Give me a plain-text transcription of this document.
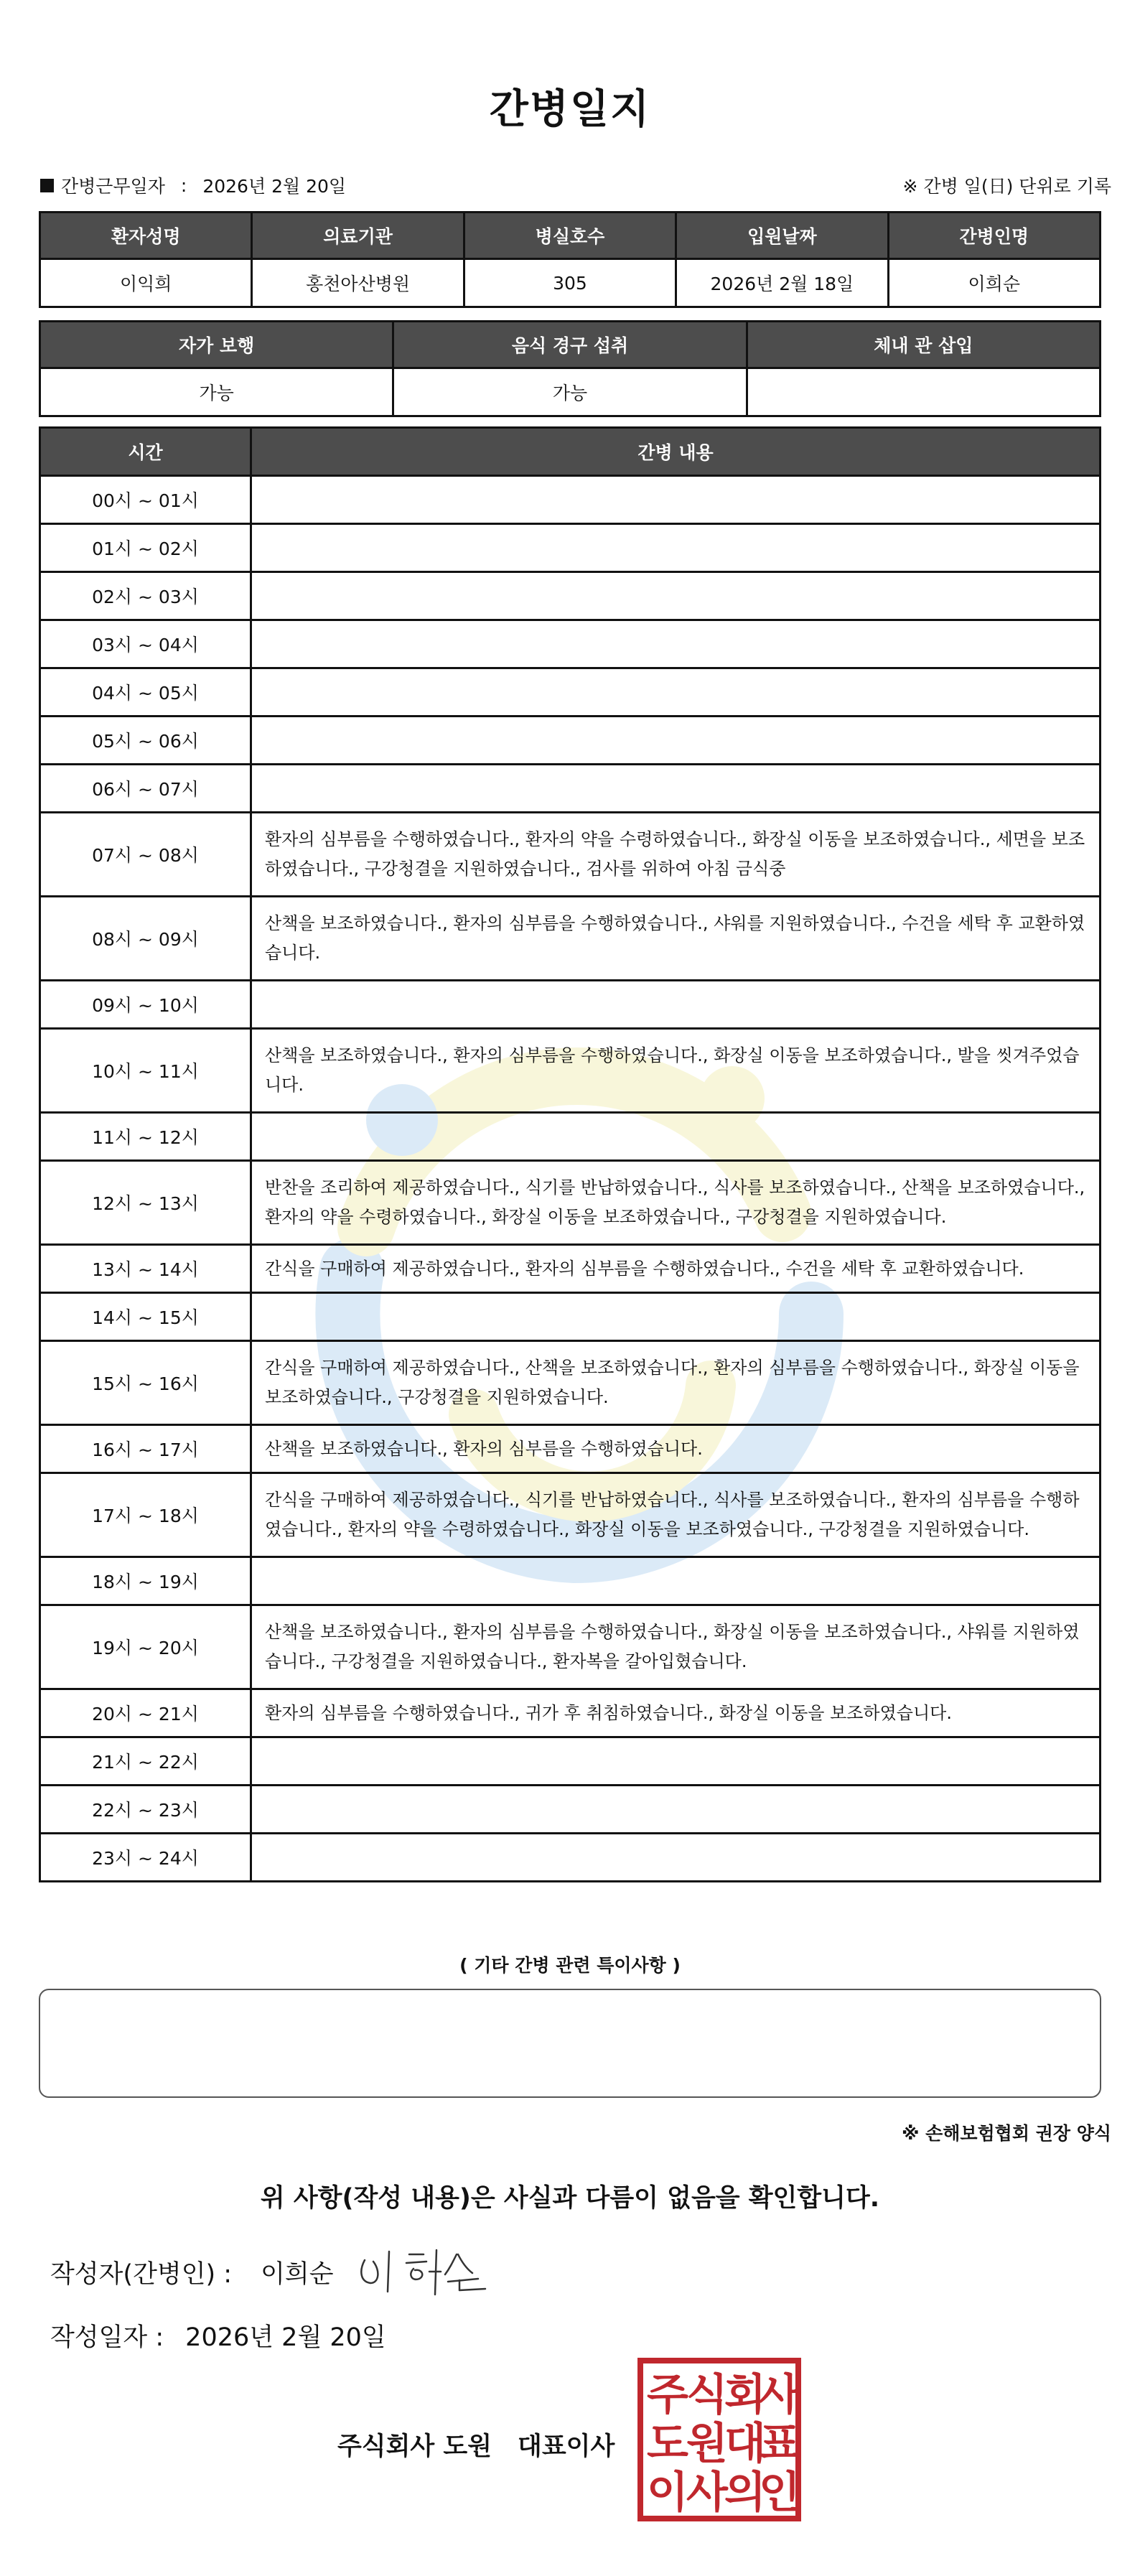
간병일지
간병근무일자 : 2026년 2월 20일	※ 간병 일(日) 단위로 기록
환자성명	의료기관	병실호수	입원날짜	간병인명
이익희	홍천아산병원	305	2026년 2월 18일	이희순
자가 보행	음식 경구 섭취	체내 관 삽입
가능	가능	
시간	간병 내용
00시 ~ 01시	
01시 ~ 02시	
02시 ~ 03시	
03시 ~ 04시	
04시 ~ 05시	
05시 ~ 06시	
06시 ~ 07시	
07시 ~ 08시	환자의 심부름을 수행하였습니다., 환자의 약을 수령하였습니다., 화장실 이동을 보조하였습니다., 세면을 보조하였습니다., 구강청결을 지원하였습니다., 검사를 위하여 아침 금식중
08시 ~ 09시	산책을 보조하였습니다., 환자의 심부름을 수행하였습니다., 샤워를 지원하였습니다., 수건을 세탁 후 교환하였습니다.
09시 ~ 10시	
10시 ~ 11시	산책을 보조하였습니다., 환자의 심부름을 수행하였습니다., 화장실 이동을 보조하였습니다., 발을 씻겨주었습니다.
11시 ~ 12시	
12시 ~ 13시	반찬을 조리하여 제공하였습니다., 식기를 반납하였습니다., 식사를 보조하였습니다., 산책을 보조하였습니다., 환자의 약을 수령하였습니다., 화장실 이동을 보조하였습니다., 구강청결을 지원하였습니다.
13시 ~ 14시	간식을 구매하여 제공하였습니다., 환자의 심부름을 수행하였습니다., 수건을 세탁 후 교환하였습니다.
14시 ~ 15시	
15시 ~ 16시	간식을 구매하여 제공하였습니다., 산책을 보조하였습니다., 환자의 심부름을 수행하였습니다., 화장실 이동을 보조하였습니다., 구강청결을 지원하였습니다.
16시 ~ 17시	산책을 보조하였습니다., 환자의 심부름을 수행하였습니다.
17시 ~ 18시	간식을 구매하여 제공하였습니다., 식기를 반납하였습니다., 식사를 보조하였습니다., 환자의 심부름을 수행하였습니다., 환자의 약을 수령하였습니다., 화장실 이동을 보조하였습니다., 구강청결을 지원하였습니다.
18시 ~ 19시	
19시 ~ 20시	산책을 보조하였습니다., 환자의 심부름을 수행하였습니다., 화장실 이동을 보조하였습니다., 샤워를 지원하였습니다., 구강청결을 지원하였습니다., 환자복을 갈아입혔습니다.
20시 ~ 21시	환자의 심부름을 수행하였습니다., 귀가 후 취침하였습니다., 화장실 이동을 보조하였습니다.
21시 ~ 22시	
22시 ~ 23시	
23시 ~ 24시	
( 기타 간병 관련 특이사항 )
※ 손해보험협회 권장 양식
위 사항(작성 내용)은 사실과 다름이 없음을 확인합니다.
작성자(간병인) : 이희순
작성일자 : 2026년 2월 20일
주식회사 도원 대표이사
주
식
회
사
도
원
대
표
이
사
의
인
